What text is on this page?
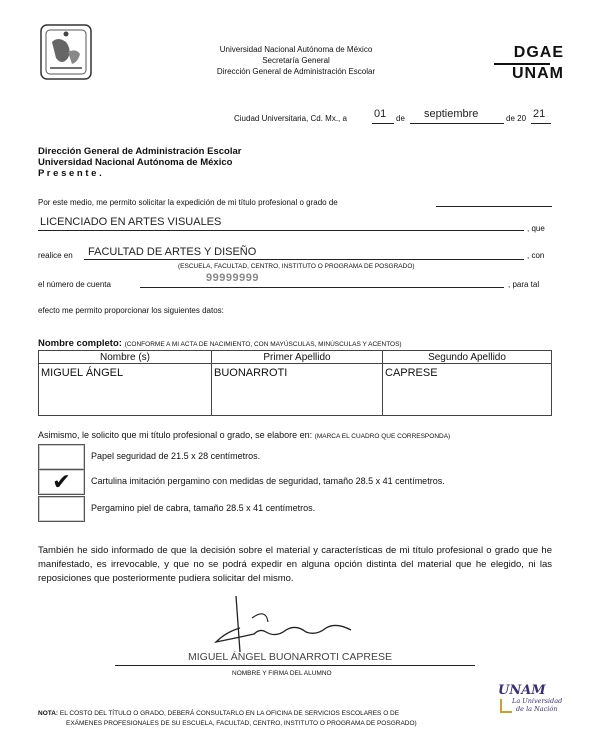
Universidad Nacional Autónoma de México
Secretaría General
Dirección General de Administración Escolar
DGAE
UNAM
Ciudad Universitaria, Cd. Mx., a 01 de septiembre	de 20 21
Dirección General de Administración Escolar
Universidad Nacional Autónoma de México
P r e s e n t e .
Por este medio, me permito solicitar la expedición de mi título profesional o grado de
LICENCIADO EN ARTES VISUALES
, que
realice en FACULTAD DE ARTES Y DISEÑO	, con
(ESCUELA, FACULTAD, CENTRO, INSTITUTO O PROGRAMA DE POSGRADO)
el número de cuenta
99999999
, para tal
efecto me permito proporcionar los siguientes datos:
Nombre completo: (CONFORME A MI ACTA DE NACIMIENTO, CON MAYÚSCULAS, MINÚSCULAS Y ACENTOS)
Nombre (s)	Primer Apellido	Segundo Apellido
MIGUEL ÁNGEL	BUONARROTI	CAPRESE
Asimismo, le solicito que mi título profesional o grado, se elabore en: (MARCA EL CUADRO QUE CORRESPONDA)
Papel seguridad de 21.5 x 28 centímetros.
✔	Cartulina imitación pergamino con medidas de seguridad, tamaño 28.5 x 41 centímetros.
Pergamino piel de cabra, tamaño 28.5 x 41 centímetros.
También he sido informado de que la decisión sobre el material y características de mi título profesional o grado que he manifestado, es irrevocable, y que no se podrá expedir en alguna opción distinta del material que he elegido, ni las reposiciones que posteriormente pudiera solicitar del mismo.
MIGUEL ÁNGEL BUONARROTI CAPRESE
NOMBRE Y FIRMA DEL ALUMNO
NOTA: EL COSTO DEL TÍTULO O GRADO, DEBERÁ CONSULTARLO EN LA OFICINA DE SERVICIOS ESCOLARES O DE
EXÁMENES PROFESIONALES DE SU ESCUELA, FACULTAD, CENTRO, INSTITUTO O PROGRAMA DE POSGRADO)
UNAM
La Universidad
de la Nación
